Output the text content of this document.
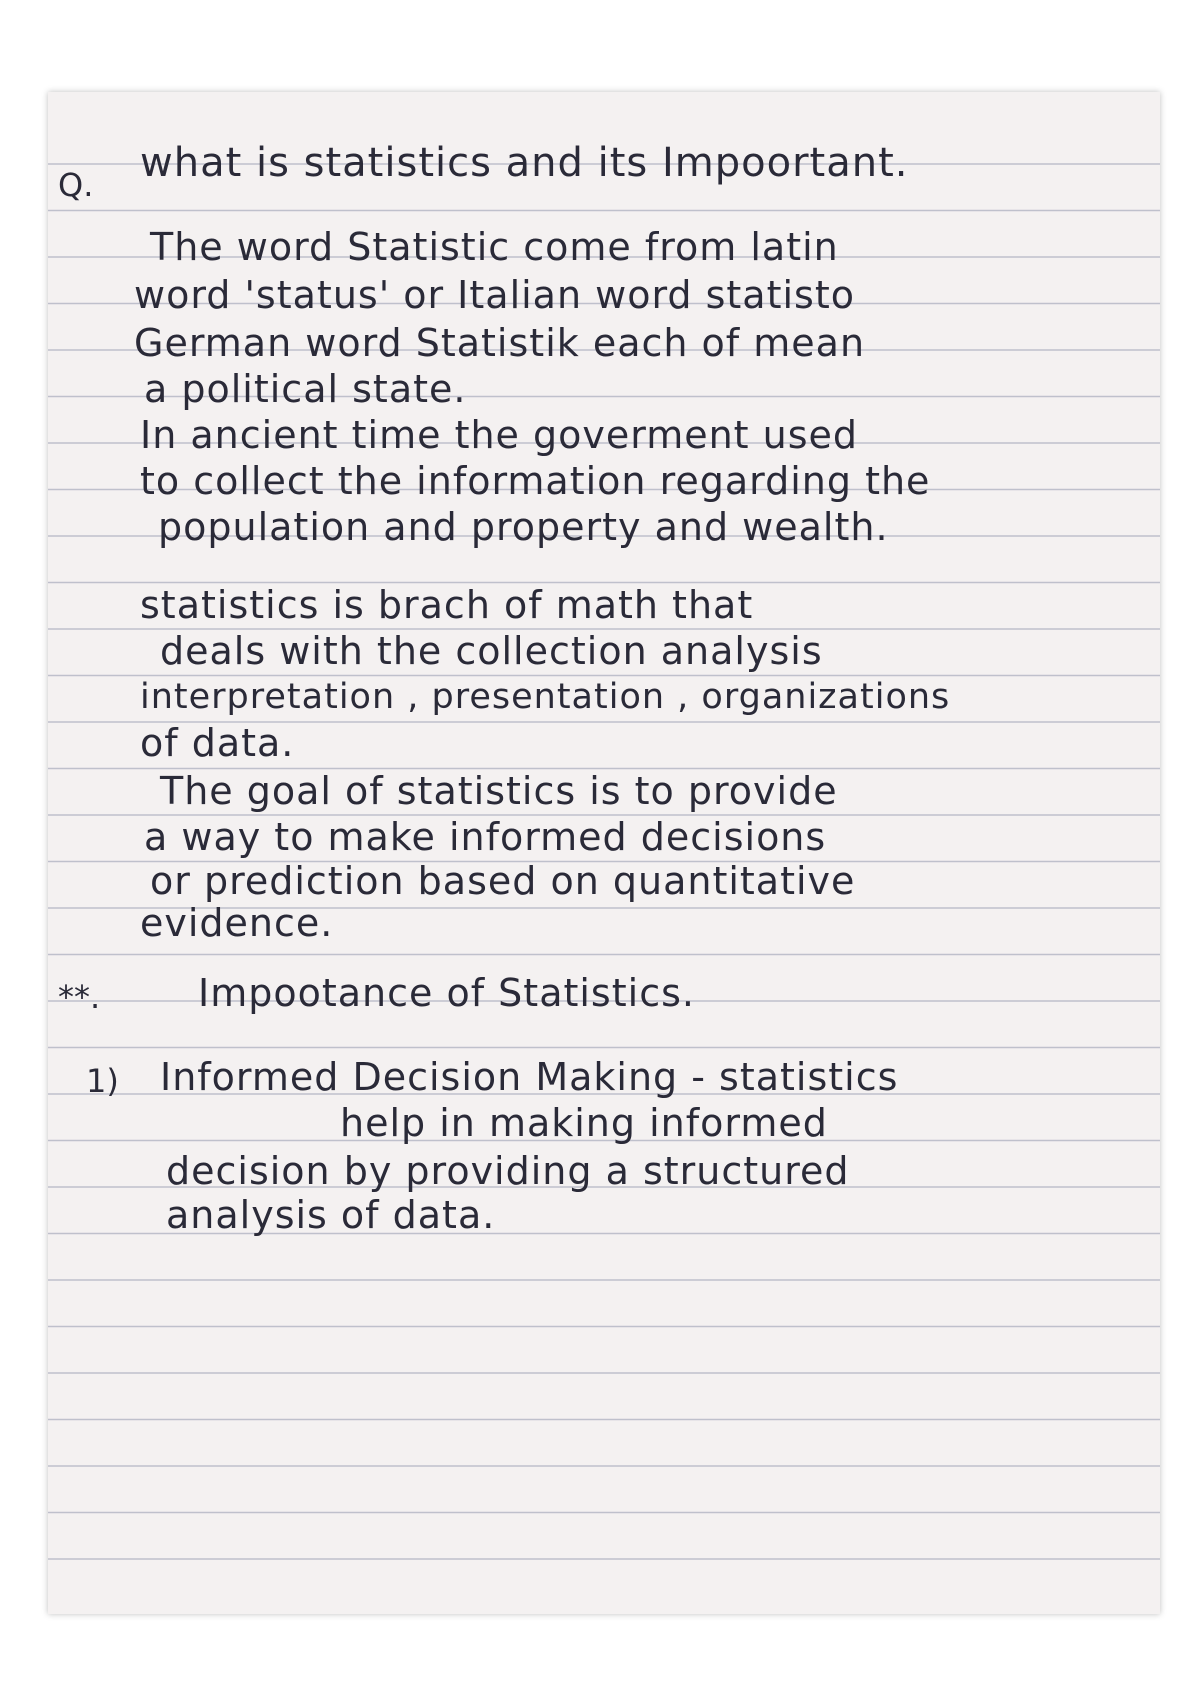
Q. what is statistics and its Impoortant.
The word Statistic come from latin
word 'status' or Italian word statisto
German word Statistik each of mean
a political state.
In ancient time the goverment used
to collect the information regarding the
population and property and wealth.
statistics is brach of math that
deals with the collection analysis
interpretation , presentation , organizations
of data.
The goal of statistics is to provide
a way to make informed decisions
or prediction based on quantitative
evidence.
**.	Impootance of Statistics.
1) Informed Decision Making - statistics
help in making informed
decision by providing a structured
analysis of data.
